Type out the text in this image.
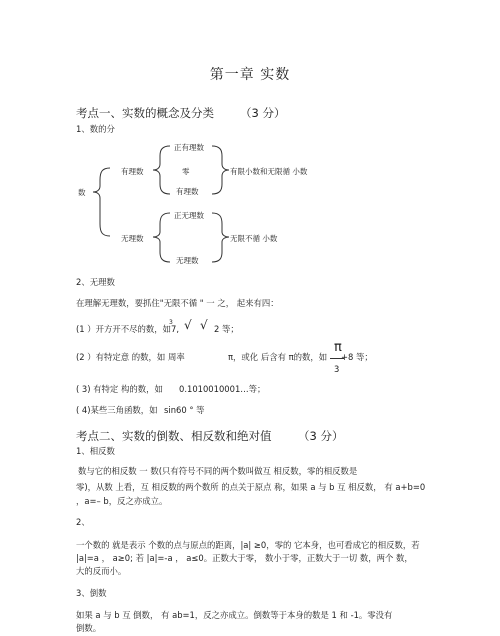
第一章 实数
考点一、实数的概念及分类 （3 分）
1、数的分
数
有理数
正有理数
零
有理数
有限小数和无限循 小数
无理数
正无理数
无理数
无限不循 小数
2、无理数
在理解无理数，要抓住"无限不循 " 一 之， 起来有四：
(1 ）开方开不尽的数，如7,
3 √ √ 2 等；
(2 ）有特定意 的数，如 周率	π，或化 后含有 π的数，如
π
3
+8 等；
( 3) 有特定 构的数，如 0.1010010001…等；
( 4)某些三角函数，如 sin60 ° 等
考点二、实数的倒数、相反数和绝对值 （3 分）
1、相反数
数与它的相反数 一 数(只有符号不同的两个数叫做互 相反数，零的相反数是
零)，从数 上看，互 相反数的两个数所 的点关于原点 称，如果 a 与 b 互 相反数， 有 a+b=0
，a=– b，反之亦成立。
2、
一个数的 就是表示 个数的点与原点的距离，|a| ≥0，零的 它本身，也可看成它的相反数，若
|a|=a ， a≥0; 若 |a|=-a ， a≤0。正数大于零， 数小于零，正数大于一切 数，两个 数，
大的反而小。
3、倒数
如果 a 与 b 互 倒数， 有 ab=1，反之亦成立。倒数等于本身的数是 1 和 -1。零没有
倒数。
